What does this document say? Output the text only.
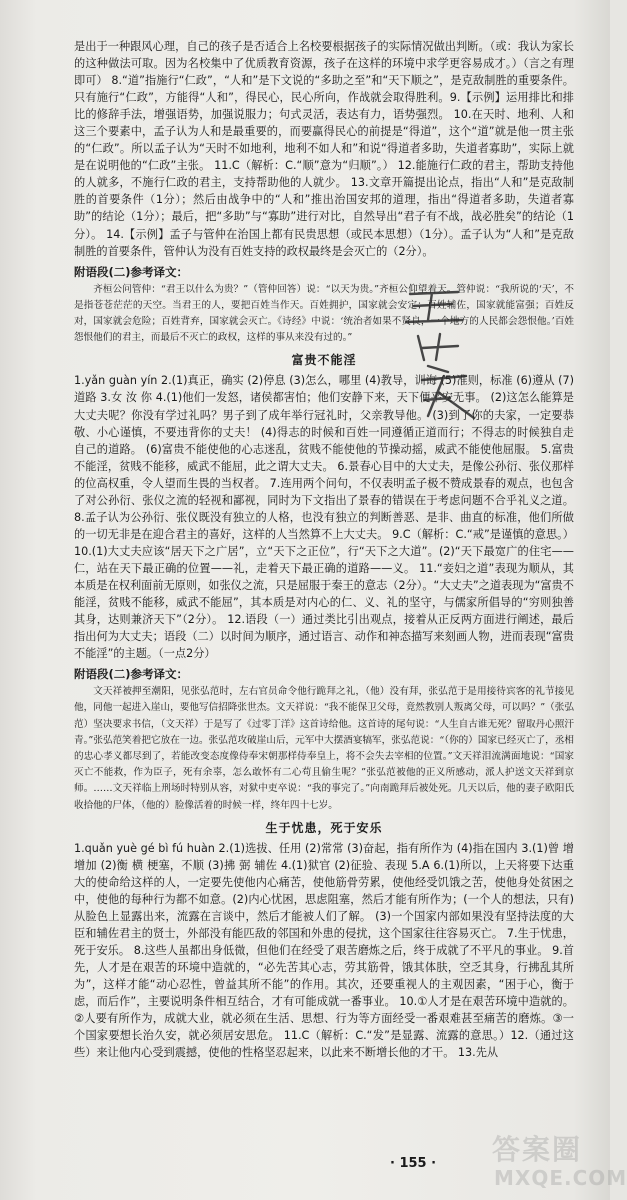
是出于一种跟风心理，自己的孩子是否适合上名校要根据孩子的实际情况做出判断。（或：我认为家长的这种做法可取。因为名校集中了优质教育资源，孩子在这样的环境中求学更容易成才。）（言之有理即可） 8.“道”指施行“仁政”，“人和”是下文说的“多助之至”和“天下顺之”，是克敌制胜的重要条件。只有施行“仁政”，方能得“人和”，得民心，民心所向，作战就会取得胜利。9.【示例】运用排比和排比的修辞手法，增强语势，加强说服力；句式灵活，表达有力，语势强烈。 10.在天时、地利、人和这三个要素中，孟子认为人和是最重要的，而要赢得民心的前提是“得道”，这个“道”就是他一贯主张的“仁政”。所以孟子认为“天时不如地利，地利不如人和”和说“得道者多助，失道者寡助”，实际上就是在说明他的“仁政”主张。 11.C（解析：C.“顺”意为“归顺”。） 12.能施行仁政的君主，帮助支持他的人就多，不施行仁政的君主，支持帮助他的人就少。 13.文章开篇提出论点，指出“人和”是克敌制胜的首要条件（1分）；然后由战争中的“人和”推出治国安邦的道理，指出“得道者多助，失道者寡助”的结论（1分）；最后，把“多助”与“寡助”进行对比，自然导出“君子有不战，战必胜矣”的结论（1分）。 14.【示例】孟子与管仲在治国上都有民贵思想（或民本思想）（1分）。孟子认为“人和”是克敌制胜的首要条件，管仲认为没有百姓支持的政权最终是会灭亡的（2分）。

附语段(二)参考译文：

齐桓公问管仲：“君王以什么为贵？”（管仲回答）说：“以天为贵。”齐桓公仰望着天。管仲说：“我所说的‘天’，不是指苍苍茫茫的天空。当君王的人，要把百姓当作天。百姓拥护，国家就会安定；百姓辅佐，国家就能富强；百姓反对，国家就会危险；百姓背弃，国家就会灭亡。《诗经》中说：‘统治者如果不贤良，一个地方的人民都会怨恨他。’百姓怨恨他们的君主，而最后不灭亡的政权，这样的事从来没有过的。”

富贵不能淫

1.yǎn guàn yín 2.(1)真正，确实 (2)停息 (3)怎么，哪里 (4)教导，训诲 (5)准则，标准 (6)遵从 (7)道路 3.女 汝 你 4.(1)他们一发怒，诸侯都害怕；他们安静下来，天下便平安无事。 (2)这怎么能算是大丈夫呢？你没有学过礼吗？男子到了成年举行冠礼时，父亲教导他。 (3)到了你的夫家，一定要恭敬、小心谨慎，不要违背你的丈夫！ (4)得志的时候和百姓一同遵循正道而行；不得志的时候独自走自己的道路。 (6)富贵不能使他的心志迷乱，贫贱不能使他的节操动摇，威武不能使他屈服。 5.富贵不能淫，贫贱不能移，威武不能屈，此之谓大丈夫。 6.景春心目中的大丈夫，是像公孙衍、张仪那样的位高权重，令人望而生畏的当权者。 7.连用两个问句，不仅表明孟子极不赞成景春的观点，也包含了对公孙衍、张仪之流的轻视和鄙视，同时为下文指出了景春的错误在于考虑问题不合乎礼义之道。 8.孟子认为公孙衍、张仪既没有独立的人格，也没有独立的判断善恶、是非、曲直的标准，他们所做的一切无非是在迎合君主的喜好，这样的人当然算不上大丈夫。 9.C（解析：C.“戒”是谨慎的意思。） 10.(1)大丈夫应该“居天下之广居”，立“天下之正位”，行“天下之大道”。(2)“天下最宽广的住宅——仁，站在天下最正确的位置——礼，走着天下最正确的道路——义。 11.“妾妇之道”表现为顺从，其本质是在权利面前无原则，如张仪之流，只是屈服于秦王的意志（2分）。“大丈夫”之道表现为“富贵不能淫，贫贱不能移，威武不能屈”，其本质是对内心的仁、义、礼的坚守，与儒家所倡导的“穷则独善其身，达则兼济天下”（2分）。 12.语段（一）通过类比引出观点，接着从正反两方面进行阐述，最后指出何为大丈夫；语段（二）以时间为顺序，通过语言、动作和神态描写来刻画人物，进而表现“富贵不能淫”的主题。（一点2分）

附语段(二)参考译文：

文天祥被押至潮阳，见张弘范时，左右官员命令他行跪拜之礼，（他）没有拜，张弘范于是用接待宾客的礼节接见他，同他一起进入崖山，要他写信招降张世杰。文天祥说：“我不能保卫父母，竟然教别人叛离父母，可以吗？”（张弘范）坚决要求书信，（文天祥）于是写了《过零丁洋》这首诗给他。这首诗的尾句说：“人生自古谁无死？留取丹心照汗青。”张弘范笑着把它放在一边。张弘范攻破崖山后，元军中大摆酒宴犒军，张弘范说：“（你的）国家已经灭亡了，丞相的忠心孝义都尽到了，若能改变态度像侍奉宋朝那样侍奉皇上，将不会失去宰相的位置。”文天祥泪流满面地说：“国家灭亡不能救，作为臣子，死有余辜，怎么敢怀有二心苟且偷生呢？”张弘范被他的正义所感动，派人护送文天祥到京师。……文天祥临上刑场时特别从容，对狱中吏卒说：“我的事完了。”向南跪拜后被处死。几天以后，他的妻子欧阳氏收拾他的尸体，（他的）脸像活着的时候一样，终年四十七岁。

生于忧患，死于安乐

1.quǎn yuè gé bì fú huàn 2.(1)选拔、任用 (2)常常 (3)奋起，指有所作为 (4)指在国内 3.(1)曾 增 增加 (2)衡 横 梗塞，不顺 (3)拂 弼 辅佐 4.(1)狱官 (2)征验、表现 5.A 6.(1)所以，上天将要下达重大的使命给这样的人，一定要先使他内心痛苦，使他筋骨劳累，使他经受饥饿之苦，使他身处贫困之中，使他的每种行为都不如意。(2)内心忧困，思虑阻塞，然后才能有所作为；(一个人的想法，只有)从脸色上显露出来，流露在言谈中，然后才能被人们了解。 (3)一个国家内部如果没有坚持法度的大臣和辅佐君主的贤士，外部没有能匹敌的邻国和外患的侵扰，这个国家往往容易灭亡。 7.生于忧患，死于安乐。 8.这些人虽都出身低微，但他们在经受了艰苦磨炼之后，终于成就了不平凡的事业。 9.首先，人才是在艰苦的环境中造就的，“必先苦其心志，劳其筋骨，饿其体肤，空乏其身，行拂乱其所为”，这样才能“动心忍性，曾益其所不能”的作用。其次，还要重视人的主观因素，“困于心，衡于虑，而后作”，主要说明条件相互结合，才有可能成就一番事业。 10.①人才是在艰苦环境中造就的。②人要有所作为，成就大业，就必须在生活、思想、行为等方面经受一番艰难甚至痛苦的磨炼。③一个国家要想长治久安，就必须居安思危。 11.C（解析：C.“发”是显露、流露的意思。）12.（通过这些）来让他内心受到震撼，使他的性格坚忍起来，以此来不断增长他的才干。 13.先从

· 155 · 答案圈
MXQE.COM
